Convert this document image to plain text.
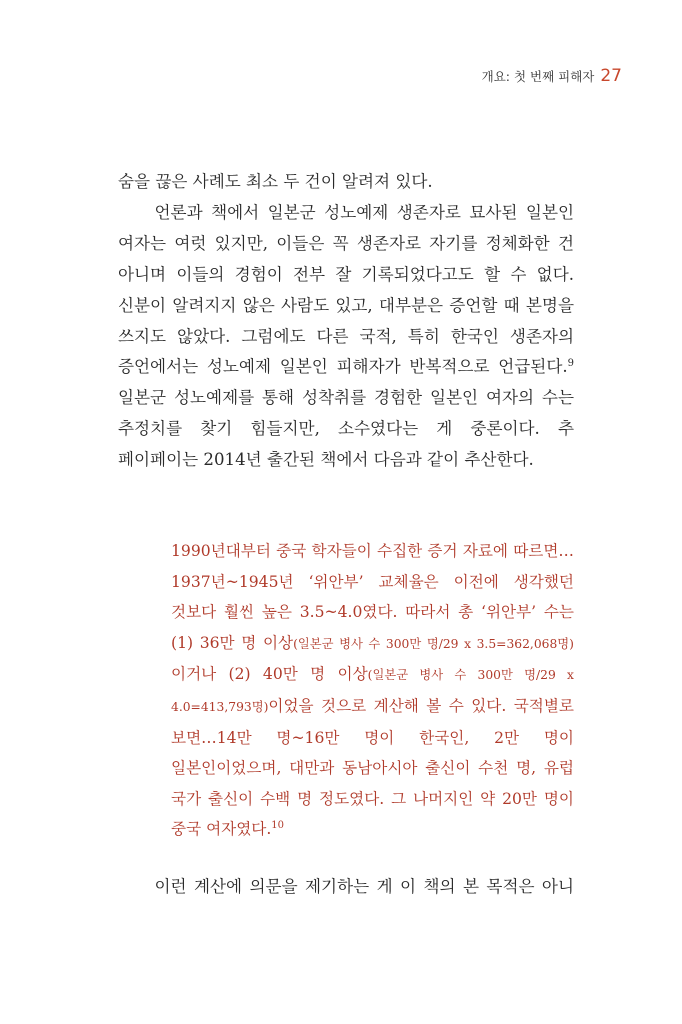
개요: 첫 번째 피해자 27

숨을 끊은 사례도 최소 두 건이 알려져 있다.

언론과 책에서 일본군 성노예제 생존자로 묘사된 일본인 여자는 여럿 있지만, 이들은 꼭 생존자로 자기를 정체화한 건 아니며 이들의 경험이 전부 잘 기록되었다고도 할 수 없다. 신분이 알려지지 않은 사람도 있고, 대부분은 증언할 때 본명을 쓰지도 않았다. 그럼에도 다른 국적, 특히 한국인 생존자의 증언에서는 성노예제 일본인 피해자가 반복적으로 언급된다.$^9$ 일본군 성노예제를 통해 성착취를 경험한 일본인 여자의 수는 추정치를 찾기 힘들지만, 소수였다는 게 중론이다. 추 페이페이는 2014년 출간된 책에서 다음과 같이 추산한다.

1990년대부터 중국 학자들이 수집한 증거 자료에 따르면…1937년~1945년 ‘위안부’ 교체율은 이전에 생각했던 것보다 훨씬 높은 3.5~4.0였다. 따라서 총 ‘위안부’ 수는 (1) 36만 명 이상(일본군 병사 수 300만 명/29 x 3.5=362,068명)이거나 (2) 40만 명 이상(일본군 병사 수 300만 명/29 x 4.0=413,793명)이었을 것으로 계산해 볼 수 있다. 국적별로 보면…14만 명~16만 명이 한국인, 2만 명이 일본인이었으며, 대만과 동남아시아 출신이 수천 명, 유럽 국가 출신이 수백 명 정도였다. 그 나머지인 약 20만 명이 중국 여자였다.$^{10}$

이런 계산에 의문을 제기하는 게 이 책의 본 목적은 아니
